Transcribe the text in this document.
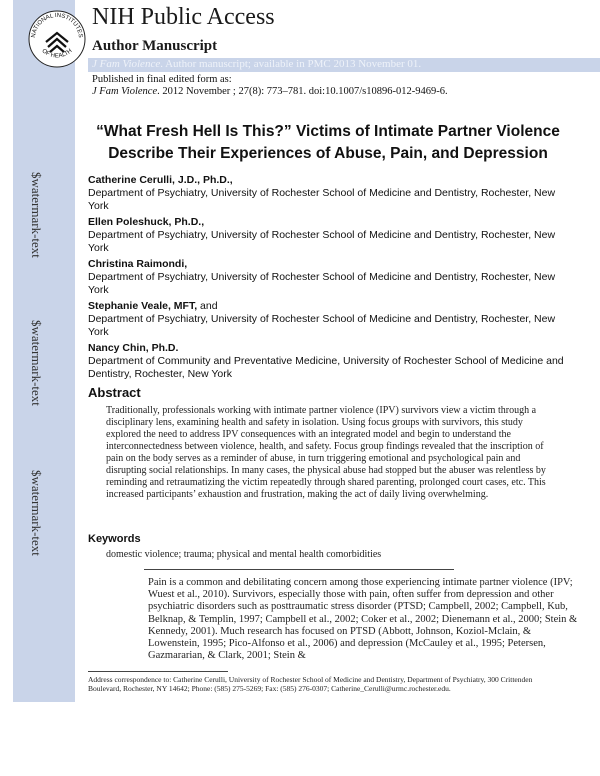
$watermark-text
$watermark-text
$watermark-text
NATIONAL INSTITUTES
OF HEALTH
NIH Public Access
Author Manuscript
J Fam Violence. Author manuscript; available in PMC 2013 November 01.
Published in final edited form as:
J Fam Violence. 2012 November ; 27(8): 773–781. doi:10.1007/s10896-012-9469-6.
“What Fresh Hell Is This?” Victims of Intimate Partner Violence Describe Their Experiences of Abuse, Pain, and Depression
Catherine Cerulli, J.D., Ph.D.,
Department of Psychiatry, University of Rochester School of Medicine and Dentistry, Rochester, New York
Ellen Poleshuck, Ph.D.,
Department of Psychiatry, University of Rochester School of Medicine and Dentistry, Rochester, New York
Christina Raimondi,
Department of Psychiatry, University of Rochester School of Medicine and Dentistry, Rochester, New York
Stephanie Veale, MFT, and
Department of Psychiatry, University of Rochester School of Medicine and Dentistry, Rochester, New York
Nancy Chin, Ph.D.
Department of Community and Preventative Medicine, University of Rochester School of Medicine and Dentistry, Rochester, New York
Abstract
Traditionally, professionals working with intimate partner violence (IPV) survivors view a victim through a disciplinary lens, examining health and safety in isolation. Using focus groups with survivors, this study explored the need to address IPV consequences with an integrated model and begin to understand the interconnectedness between violence, health, and safety. Focus group findings revealed that the inscription of pain on the body serves as a reminder of abuse, in turn triggering emotional and psychological pain and disrupting social relationships. In many cases, the physical abuse had stopped but the abuser was relentless by reminding and retraumatizing the victim repeatedly through shared parenting, prolonged court cases, etc. This increased participants’ exhaustion and frustration, making the act of daily living overwhelming.
Keywords
domestic violence; trauma; physical and mental health comorbidities
Pain is a common and debilitating concern among those experiencing intimate partner violence (IPV; Wuest et al., 2010). Survivors, especially those with pain, often suffer from depression and other psychiatric disorders such as posttraumatic stress disorder (PTSD; Campbell, 2002; Campbell, Kub, Belknap, & Templin, 1997; Campbell et al., 2002; Coker et al., 2002; Dienemann et al., 2000; Stein & Kennedy, 2001). Much research has focused on PTSD (Abbott, Johnson, Koziol-Mclain, & Lowenstein, 1995; Pico-Alfonso et al., 2006) and depression (McCauley et al., 1995; Petersen, Gazmararian, & Clark, 2001; Stein &
Address correspondence to: Catherine Cerulli, University of Rochester School of Medicine and Dentistry, Department of Psychiatry, 300 Crittenden Boulevard, Rochester, NY 14642; Phone: (585) 275-5269; Fax: (585) 276-0307; Catherine_Cerulli@urmc.rochester.edu.
